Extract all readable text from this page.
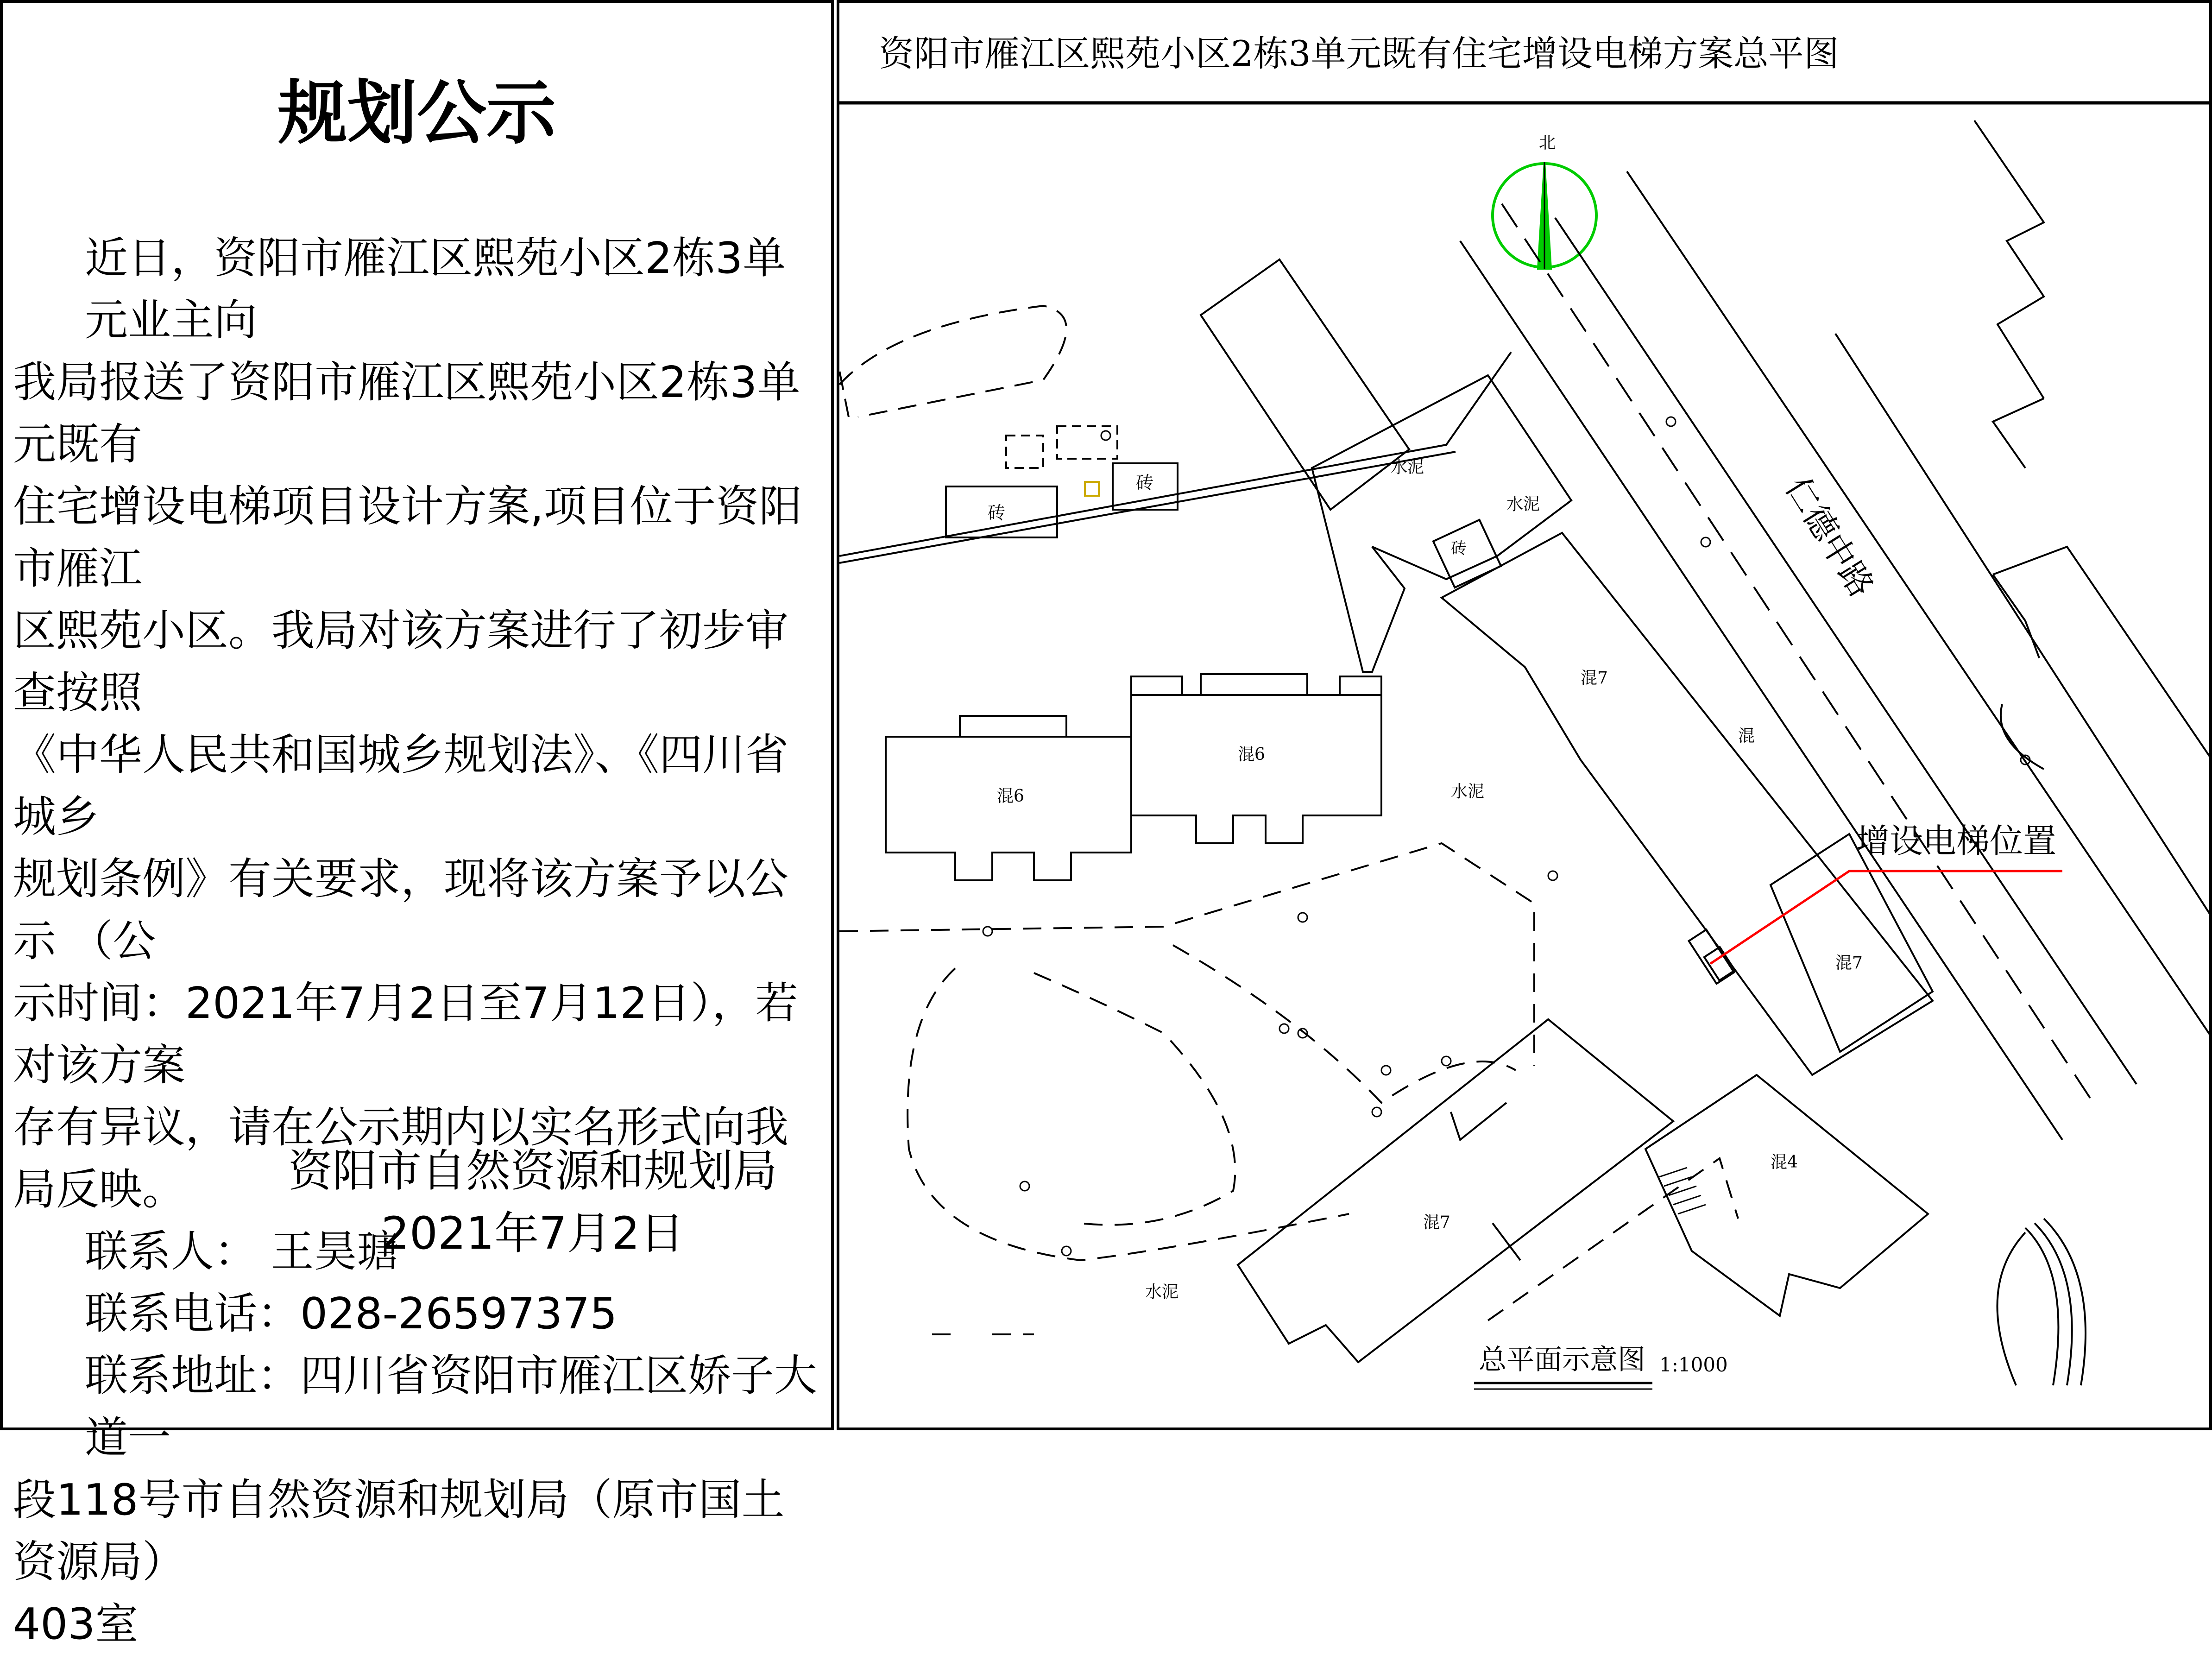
规划公示

近日，资阳市雁江区熙苑小区2栋3单元业主向

我局报送了资阳市雁江区熙苑小区2栋3单元既有

住宅增设电梯项目设计方案,项目位于资阳市雁江

区熙苑小区。我局对该方案进行了初步审查按照

《中华人民共和国城乡规划法》、《四川省城乡

规划条例》有关要求，现将该方案予以公示 （公

示时间：2021年7月2日至7月12日），若对该方案

存有异议，请在公示期内以实名形式向我局反映。

联系人： 王昊瑭

联系电话：028-26597375

联系地址：四川省资阳市雁江区娇子大道一

段118号市自然资源和规划局（原市国土资源局）

403室

资阳市自然资源和规划局
2021年7月2日
资阳市雁江区熙苑小区2栋3单元既有住宅增设电梯方案总平图
北
仁德中路
砖
砖
水泥
水泥
砖
混7
混
混7
增设电梯位置
混6
混6
水泥
混7
水泥
混4
总平面示意图 1:1000
